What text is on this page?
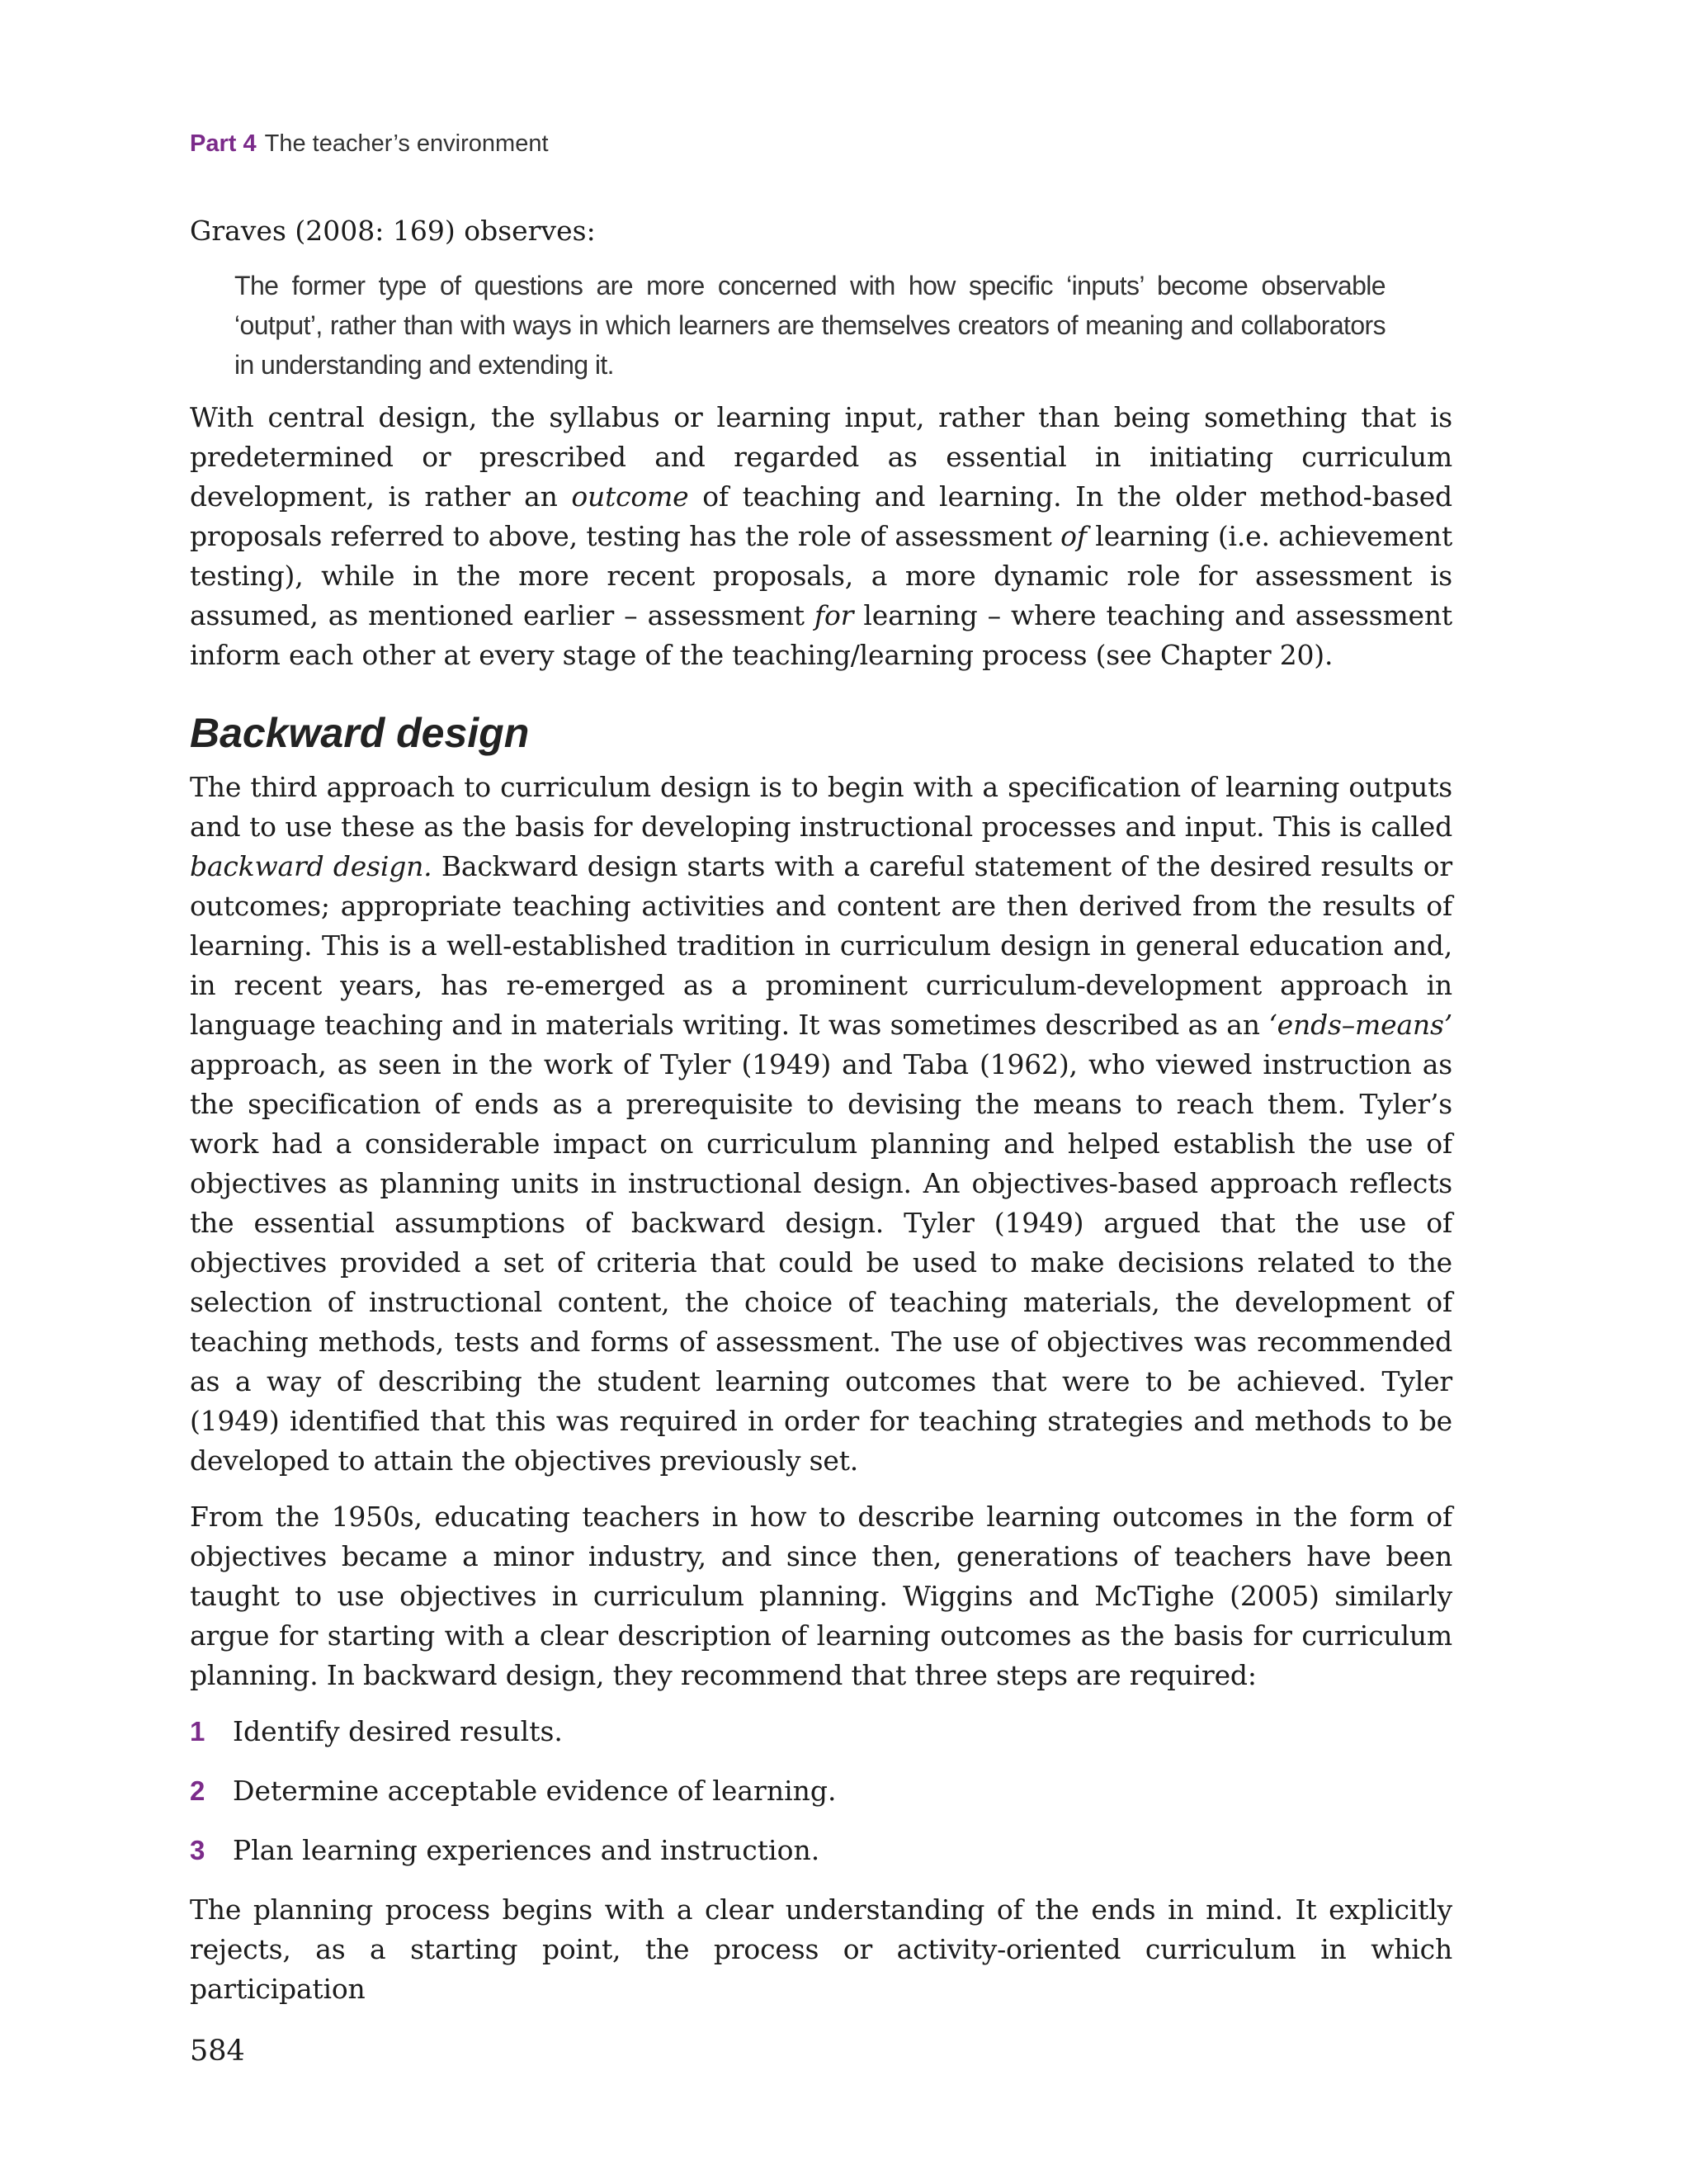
Part 4 The teacher’s environment

Graves (2008: 169) observes:

The former type of questions are more concerned with how specific ‘inputs’ become observable ‘output’, rather than with ways in which learners are themselves creators of meaning and collaborators in understanding and extending it.

With central design, the syllabus or learning input, rather than being something that is predetermined or prescribed and regarded as essential in initiating curriculum development, is rather an outcome of teaching and learning. In the older method-based proposals referred to above, testing has the role of assessment of learning (i.e. achievement testing), while in the more recent proposals, a more dynamic role for assessment is assumed, as mentioned earlier – assessment for learning – where teaching and assessment inform each other at every stage of the teaching/learning process (see Chapter 20).

Backward design

The third approach to curriculum design is to begin with a specification of learning outputs and to use these as the basis for developing instructional processes and input. This is called backward design. Backward design starts with a careful statement of the desired results or outcomes; appropriate teaching activities and content are then derived from the results of learning. This is a well-established tradition in curriculum design in general education and, in recent years, has re-emerged as a prominent curriculum-development approach in language teaching and in materials writing. It was sometimes described as an ‘ends–means’ approach, as seen in the work of Tyler (1949) and Taba (1962), who viewed instruction as the specification of ends as a prerequisite to devising the means to reach them. Tyler’s work had a considerable impact on curriculum planning and helped establish the use of objectives as planning units in instructional design. An objectives-based approach reflects the essential assumptions of backward design. Tyler (1949) argued that the use of objectives provided a set of criteria that could be used to make decisions related to the selection of instructional content, the choice of teaching materials, the development of teaching methods, tests and forms of assessment. The use of objectives was recommended as a way of describing the student learning outcomes that were to be achieved. Tyler (1949) identified that this was required in order for teaching strategies and methods to be developed to attain the objectives previously set.

From the 1950s, educating teachers in how to describe learning outcomes in the form of objectives became a minor industry, and since then, generations of teachers have been taught to use objectives in curriculum planning. Wiggins and McTighe (2005) similarly argue for starting with a clear description of learning outcomes as the basis for curriculum planning. In backward design, they recommend that three steps are required:

1	Identify desired results.
2	Determine acceptable evidence of learning.
3	Plan learning experiences and instruction.

The planning process begins with a clear understanding of the ends in mind. It explicitly rejects, as a starting point, the process or activity-oriented curriculum in which participation

584
